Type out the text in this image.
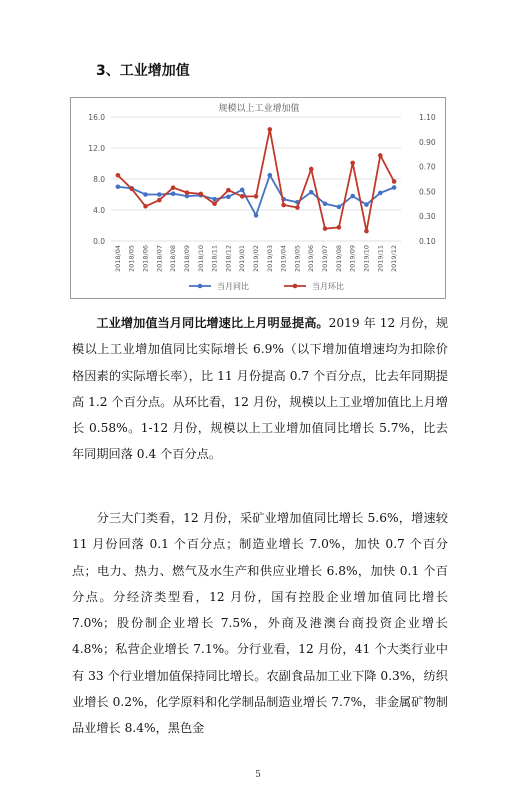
3、工业增加值
规模以上工业增加值
16.0
12.0
8.0
4.0
0.0
1.10
0.90
0.70
0.50
0.30
0.10
2018/04 2018/05 2018/06 2018/07 2018/08 2018/09 2018/10 2018/11 2018/12 2019/01 2019/02 2019/03 2019/04 2019/05 2019/06 2019/07 2019/08 2019/09 2019/10 2019/11 2019/12
当月同比	当月环比
工业增加值当月同比增速比上月明显提高。2019 年 12 月份，规模以上工业增加值同比实际增长 6.9%（以下增加值增速均为扣除价格因素的实际增长率），比 11 月份提高 0.7 个百分点，比去年同期提高 1.2 个百分点。从环比看，12 月份，规模以上工业增加值比上月增长 0.58%。1-12 月份，规模以上工业增加值同比增长 5.7%，比去年同期回落 0.4 个百分点。
分三大门类看，12 月份，采矿业增加值同比增长 5.6%，增速较 11 月份回落 0.1 个百分点；制造业增长 7.0%，加快 0.7 个百分点；电力、热力、燃气及水生产和供应业增长 6.8%，加快 0.1 个百分点。分经济类型看，12 月份，国有控股企业增加值同比增长 7.0%；股份制企业增长 7.5%，外商及港澳台商投资企业增长 4.8%；私营企业增长 7.1%。分行业看，12 月份，41 个大类行业中有 33 个行业增加值保持同比增长。农副食品加工业下降 0.3%，纺织业增长 0.2%，化学原料和化学制品制造业增长 7.7%，非金属矿物制品业增长 8.4%，黑色金
5
